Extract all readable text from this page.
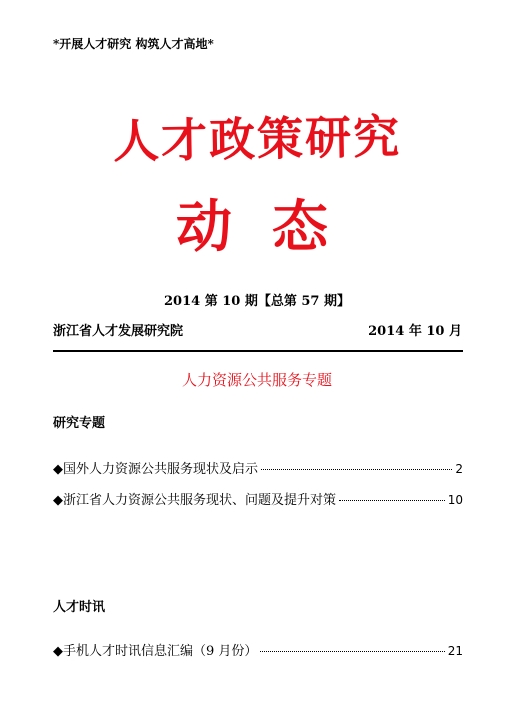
*开展人才研究 构筑人才高地*
人才政策研究
动态
2014 第 10 期【总第 57 期】
浙江省人才发展研究院	2014 年 10 月
人力资源公共服务专题
研究专题
◆国外人力资源公共服务现状及启示	2
◆浙江省人力资源公共服务现状、问题及提升对策	10
人才时讯
◆手机人才时讯信息汇编（9 月份）	21
